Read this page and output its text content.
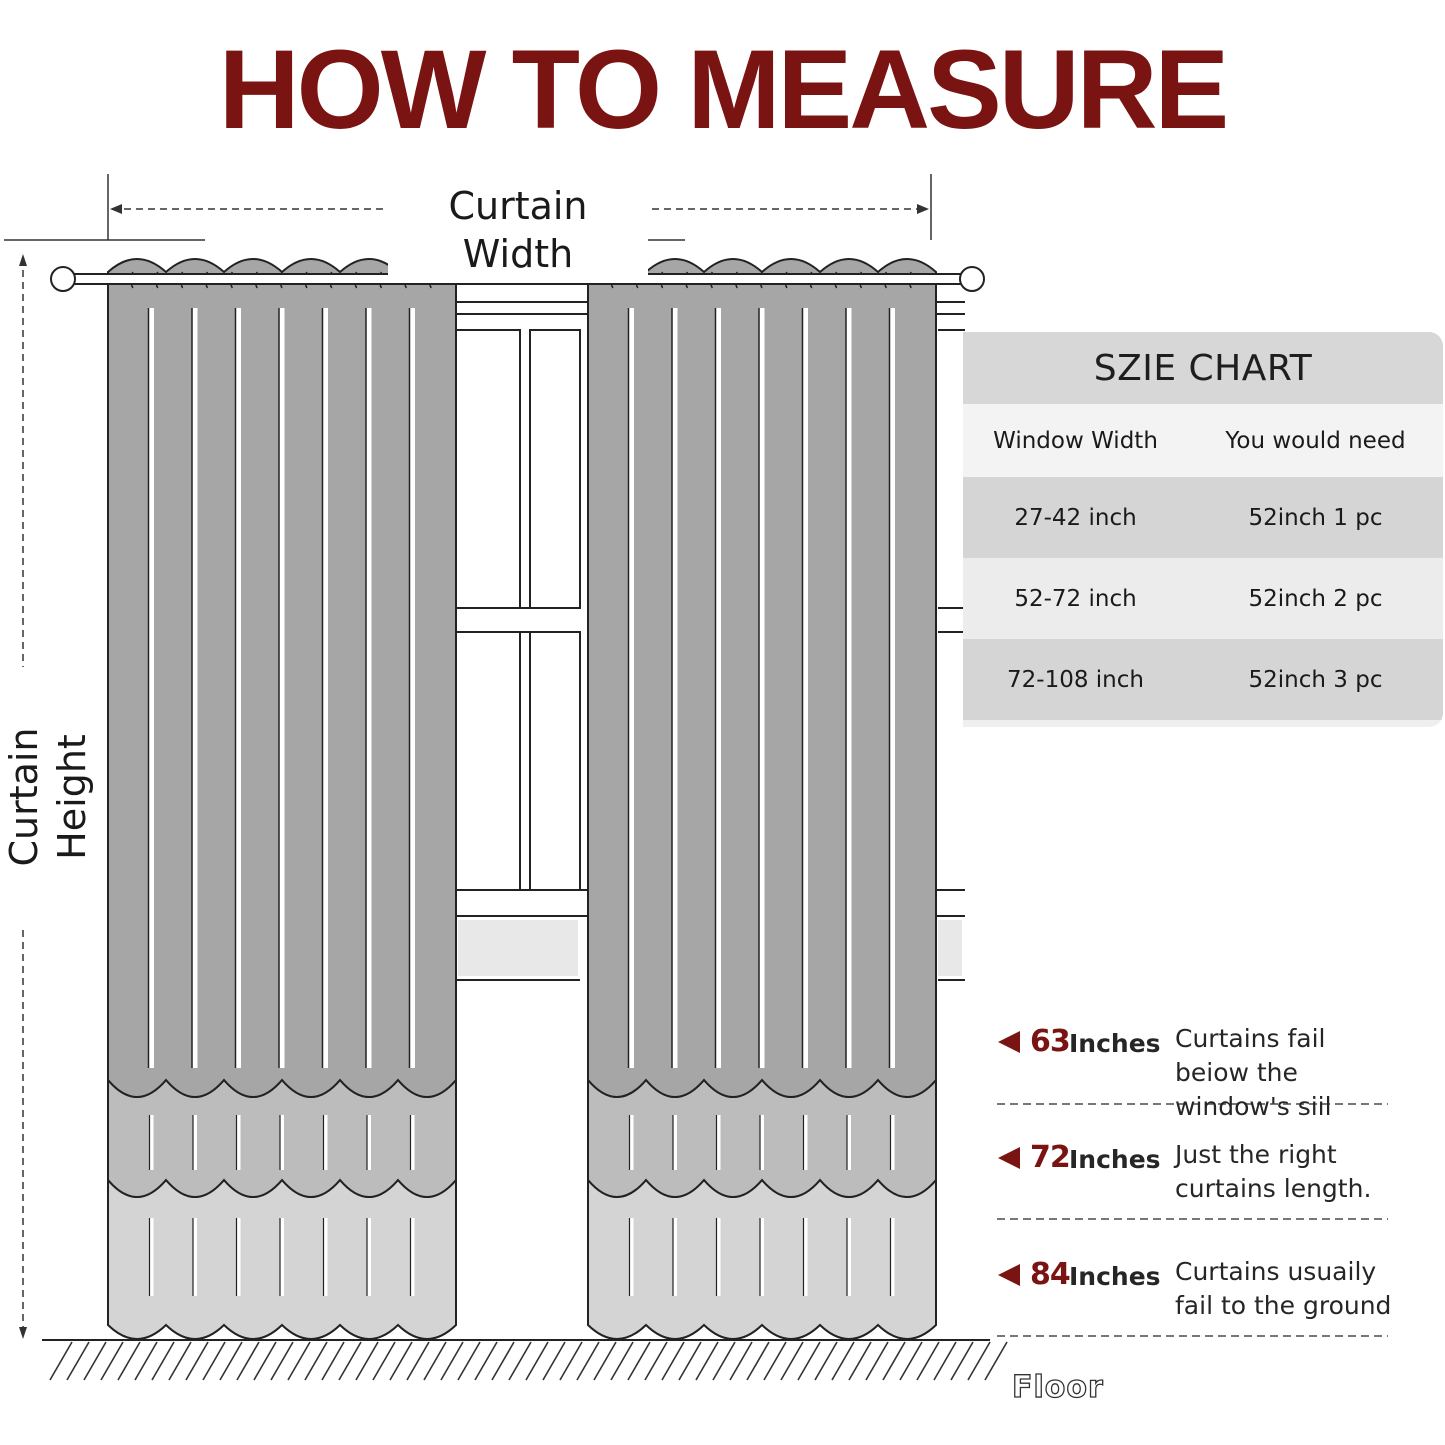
HOW TO MEASURE
Curtain Width
Curtain Height
SZIE CHART
Window Width	You would need
27-42 inch	52inch 1 pc
52-72 inch	52inch 2 pc
72-108 inch	52inch 3 pc
63 Inches Curtains fail beiow the window's siil
72 Inches Just the right curtains length.
84 Inches Curtains usuaily fail to the ground
Floor
